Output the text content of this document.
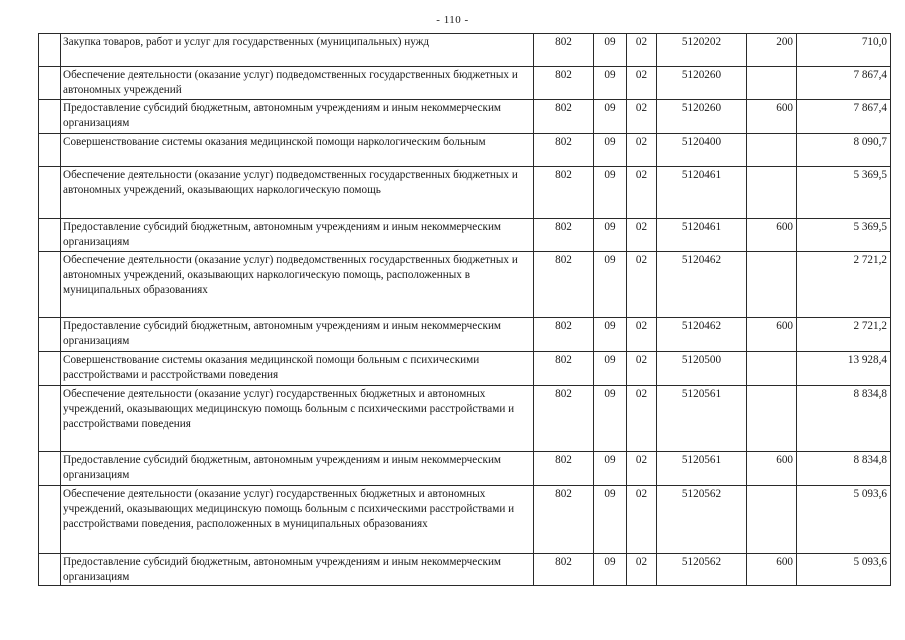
- 110 -
	Закупка товаров, работ и услуг для государственных (муниципальных) нужд	802	09	02	5120202	200	710,0
	Обеспечение деятельности (оказание услуг) подведомственных государственных бюджетных и автономных учреждений	802	09	02	5120260		7 867,4
	Предоставление субсидий бюджетным, автономным учреждениям и иным некоммерческим организациям	802	09	02	5120260	600	7 867,4
	Совершенствование системы оказания медицинской помощи наркологическим больным	802	09	02	5120400		8 090,7
	Обеспечение деятельности (оказание услуг) подведомственных государственных бюджетных и автономных учреждений, оказывающих наркологическую помощь	802	09	02	5120461		5 369,5
	Предоставление субсидий бюджетным, автономным учреждениям и иным некоммерческим организациям	802	09	02	5120461	600	5 369,5
	Обеспечение деятельности (оказание услуг) подведомственных государственных бюджетных и автономных учреждений, оказывающих наркологическую помощь, расположенных в муниципальных образованиях	802	09	02	5120462		2 721,2
	Предоставление субсидий бюджетным, автономным учреждениям и иным некоммерческим организациям	802	09	02	5120462	600	2 721,2
	Совершенствование системы оказания медицинской помощи больным с психическими расстройствами и расстройствами поведения	802	09	02	5120500		13 928,4
	Обеспечение деятельности (оказание услуг) государственных бюджетных и автономных учреждений, оказывающих медицинскую помощь больным с психическими расстройствами и расстройствами поведения	802	09	02	5120561		8 834,8
	Предоставление субсидий бюджетным, автономным учреждениям и иным некоммерческим организациям	802	09	02	5120561	600	8 834,8
	Обеспечение деятельности (оказание услуг) государственных бюджетных и автономных учреждений, оказывающих медицинскую помощь больным с психическими расстройствами и расстройствами поведения, расположенных в муниципальных образованиях	802	09	02	5120562		5 093,6
	Предоставление субсидий бюджетным, автономным учреждениям и иным некоммерческим организациям	802	09	02	5120562	600	5 093,6
